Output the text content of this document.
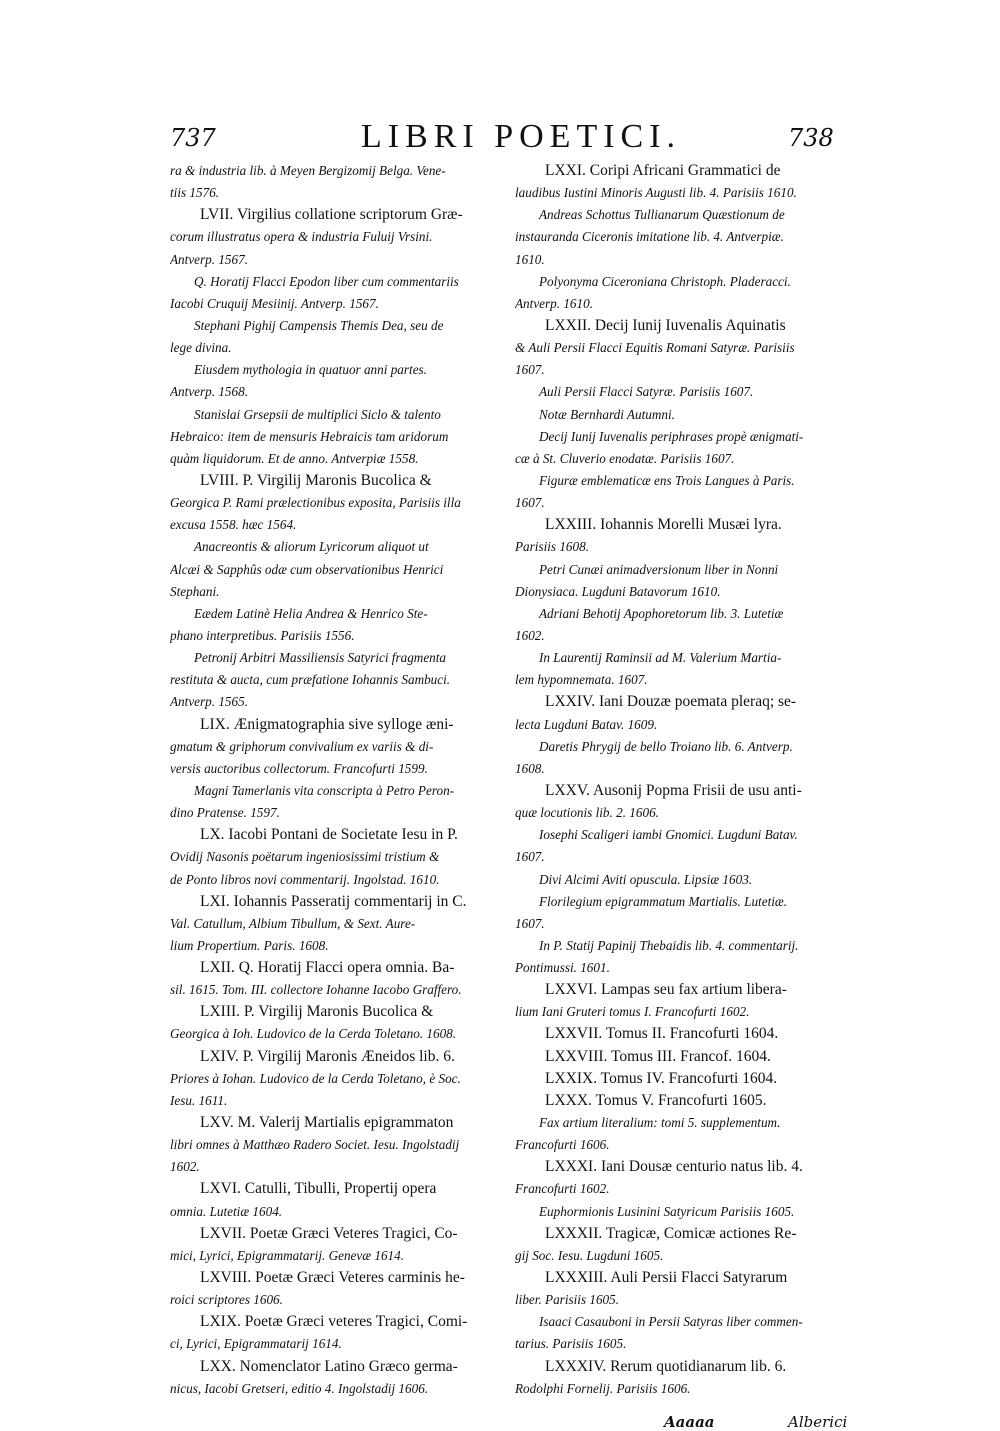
737	LIBRI POETICI.	738
ra & industria lib. à Meyen Bergizomij Belga. Vene-
tiis 1576.
LVII. Virgilius collatione scriptorum Græ-
corum illustratus opera & industria Fuluij Vrsini.
Antverp. 1567.
Q. Horatij Flacci Epodon liber cum commentariis
Iacobi Cruquij Mesiinij. Antverp. 1567.
Stephani Pighij Campensis Themis Dea, seu de
lege divina.
Eiusdem mythologia in quatuor anni partes.
Antverp. 1568.
Stanislai Grsepsii de multiplici Siclo & talento
Hebraico: item de mensuris Hebraicis tam aridorum
quàm liquidorum. Et de anno. Antverpiæ 1558.
LVIII. P. Virgilij Maronis Bucolica &
Georgica P. Rami prælectionibus exposita, Parisiis illa
excusa 1558. hæc 1564.
Anacreontis & aliorum Lyricorum aliquot ut
Alcæi & Sapphûs odæ cum observationibus Henrici
Stephani.
Eædem Latinè Helia Andrea & Henrico Ste-
phano interpretibus. Parisiis 1556.
Petronij Arbitri Massiliensis Satyrici fragmenta
restituta & aucta, cum præfatione Iohannis Sambuci.
Antverp. 1565.
LIX. Ænigmatographia sive sylloge æni-
gmatum & griphorum convivalium ex variis & di-
versis auctoribus collectorum. Francofurti 1599.
Magni Tamerlanis vita conscripta à Petro Peron-
dino Pratense. 1597.
LX. Iacobi Pontani de Societate Iesu in P.
Ovidij Nasonis poëtarum ingeniosissimi tristium &
de Ponto libros novi commentarij. Ingolstad. 1610.
LXI. Iohannis Passeratij commentarij in C.
Val. Catullum, Albium Tibullum, & Sext. Aure-
lium Propertium. Paris. 1608.
LXII. Q. Horatij Flacci opera omnia. Ba-
sil. 1615. Tom. III. collectore Iohanne Iacobo Graffero.
LXIII. P. Virgilij Maronis Bucolica &
Georgica à Ioh. Ludovico de la Cerda Toletano. 1608.
LXIV. P. Virgilij Maronis Æneidos lib. 6.
Priores à Iohan. Ludovico de la Cerda Toletano, è Soc.
Iesu. 1611.
LXV. M. Valerij Martialis epigrammaton
libri omnes à Matthæo Radero Societ. Iesu. Ingolstadij
1602.
LXVI. Catulli, Tibulli, Propertij opera
omnia. Lutetiæ 1604.
LXVII. Poetæ Græci Veteres Tragici, Co-
mici, Lyrici, Epigrammatarij. Genevæ 1614.
LXVIII. Poetæ Græci Veteres carminis he-
roici scriptores 1606.
LXIX. Poetæ Græci veteres Tragici, Comi-
ci, Lyrici, Epigrammatarij 1614.
LXX. Nomenclator Latino Græco germa-
nicus, Iacobi Gretseri, editio 4. Ingolstadij 1606.
LXXI. Coripi Africani Grammatici de
laudibus Iustini Minoris Augusti lib. 4. Parisiis 1610.
Andreas Schottus Tullianarum Quæstionum de
instauranda Ciceronis imitatione lib. 4. Antverpiæ.
1610.
Polyonyma Ciceroniana Christoph. Pladeracci.
Antverp. 1610.
LXXII. Decij Iunij Iuvenalis Aquinatis
& Auli Persii Flacci Equitis Romani Satyræ. Parisiis
1607.
Auli Persii Flacci Satyræ. Parisiis 1607.
Notæ Bernhardi Autumni.
Decij Iunij Iuvenalis periphrases propè ænigmati-
cæ à St. Cluverio enodatæ. Parisiis 1607.
Figuræ emblematicæ ens Trois Langues à Paris.
1607.
LXXIII. Iohannis Morelli Musæi lyra.
Parisiis 1608.
Petri Cunæi animadversionum liber in Nonni
Dionysiaca. Lugduni Batavorum 1610.
Adriani Behotij Apophoretorum lib. 3. Lutetiæ
1602.
In Laurentij Raminsii ad M. Valerium Martia-
lem hypomnemata. 1607.
LXXIV. Iani Douzæ poemata pleraq; se-
lecta Lugduni Batav. 1609.
Daretis Phrygij de bello Troiano lib. 6. Antverp.
1608.
LXXV. Ausonij Popma Frisii de usu anti-
quæ locutionis lib. 2. 1606.
Iosephi Scaligeri iambi Gnomici. Lugduni Batav.
1607.
Divi Alcimi Aviti opuscula. Lipsiæ 1603.
Florilegium epigrammatum Martialis. Lutetiæ.
1607.
In P. Statij Papinij Thebaidis lib. 4. commentarij.
Pontimussi. 1601.
LXXVI. Lampas seu fax artium libera-
lium Iani Gruteri tomus I. Francofurti 1602.
LXXVII. Tomus II. Francofurti 1604.
LXXVIII. Tomus III. Francof. 1604.
LXXIX. Tomus IV. Francofurti 1604.
LXXX. Tomus V. Francofurti 1605.
Fax artium literalium: tomi 5. supplementum.
Francofurti 1606.
LXXXI. Iani Dousæ centurio natus lib. 4.
Francofurti 1602.
Euphormionis Lusinini Satyricum Parisiis 1605.
LXXXII. Tragicæ, Comicæ actiones Re-
gij Soc. Iesu. Lugduni 1605.
LXXXIII. Auli Persii Flacci Satyrarum
liber. Parisiis 1605.
Isaaci Casauboni in Persii Satyras liber commen-
tarius. Parisiis 1605.
LXXXIV. Rerum quotidianarum lib. 6.
Rodolphi Fornelij. Parisiis 1606.
Aaaaa	Alberici
